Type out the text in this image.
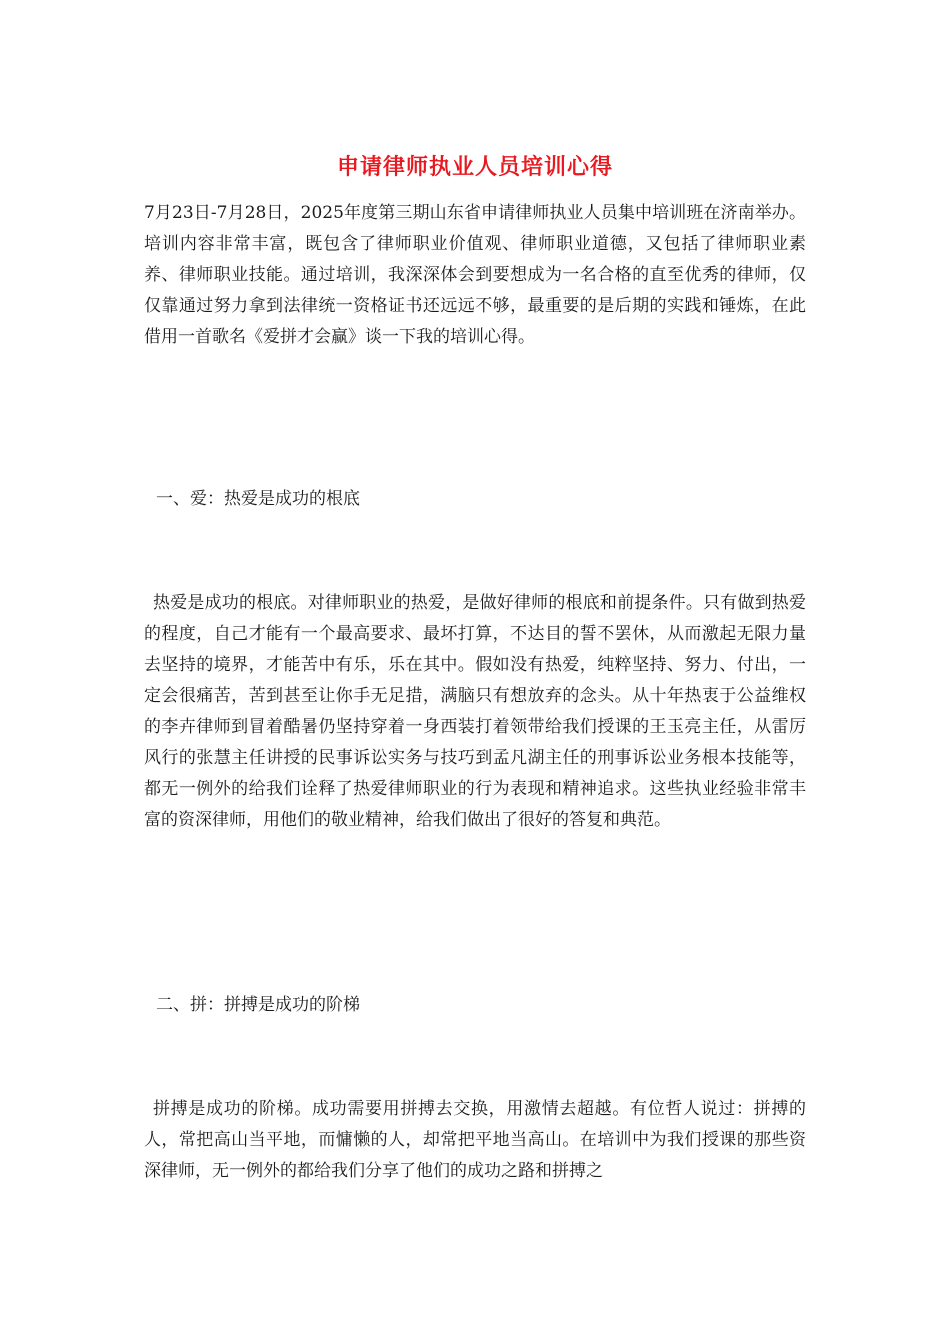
申请律师执业人员培训心得

7月23日-7月28日，2025年度第三期山东省申请律师执业人员集中培训班在济南举办。培训内容非常丰富，既包含了律师职业价值观、律师职业道德，又包括了律师职业素养、律师职业技能。通过培训，我深深体会到要想成为一名合格的直至优秀的律师，仅仅靠通过努力拿到法律统一资格证书还远远不够，最重要的是后期的实践和锤炼，在此借用一首歌名《爱拼才会赢》谈一下我的培训心得。

一、爱：热爱是成功的根底

热爱是成功的根底。对律师职业的热爱，是做好律师的根底和前提条件。只有做到热爱的程度，自己才能有一个最高要求、最坏打算，不达目的誓不罢休，从而激起无限力量去坚持的境界，才能苦中有乐，乐在其中。假如没有热爱，纯粹坚持、努力、付出，一定会很痛苦，苦到甚至让你手无足措，满脑只有想放弃的念头。从十年热衷于公益维权的李卉律师到冒着酷暑仍坚持穿着一身西装打着领带给我们授课的王玉亮主任，从雷厉风行的张慧主任讲授的民事诉讼实务与技巧到孟凡湖主任的刑事诉讼业务根本技能等，都无一例外的给我们诠释了热爱律师职业的行为表现和精神追求。这些执业经验非常丰富的资深律师，用他们的敬业精神，给我们做出了很好的答复和典范。

二、拼：拼搏是成功的阶梯

拼搏是成功的阶梯。成功需要用拼搏去交换，用激情去超越。有位哲人说过：拼搏的人，常把高山当平地，而慵懒的人，却常把平地当高山。在培训中为我们授课的那些资深律师，无一例外的都给我们分享了他们的成功之路和拼搏之
